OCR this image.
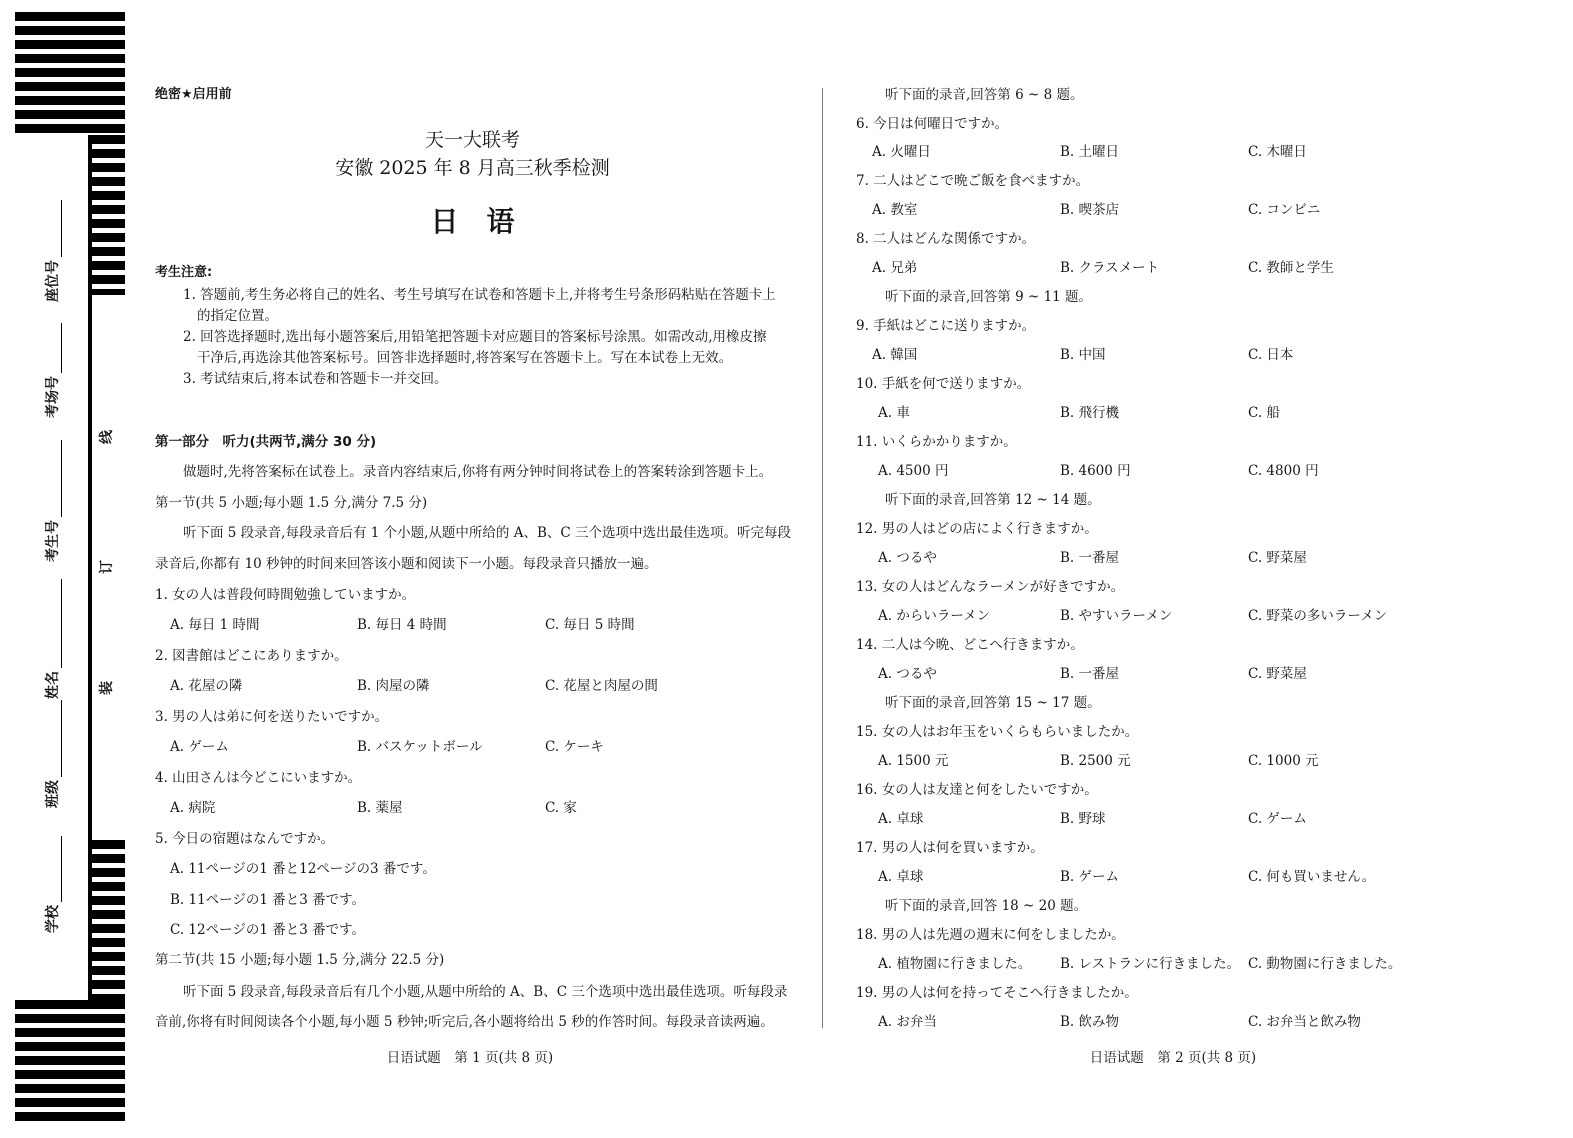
座位号
考场号
考生号
姓名
班级
学校
线
订
装
绝密★启用前
天一大联考
安徽 2025 年 8 月高三秋季检测
日　语
考生注意:
1. 答题前,考生务必将自己的姓名、考生号填写在试卷和答题卡上,并将考生号条形码粘贴在答题卡上
的指定位置。
2. 回答选择题时,选出每小题答案后,用铅笔把答题卡对应题目的答案标号涂黑。如需改动,用橡皮擦
干净后,再选涂其他答案标号。回答非选择题时,将答案写在答题卡上。写在本试卷上无效。
3. 考试结束后,将本试卷和答题卡一并交回。
第一部分　听力(共两节,满分 30 分)
做题时,先将答案标在试卷上。录音内容结束后,你将有两分钟时间将试卷上的答案转涂到答题卡上。
第一节(共 5 小题;每小题 1.5 分,满分 7.5 分)
听下面 5 段录音,每段录音后有 1 个小题,从题中所给的 A、B、C 三个选项中选出最佳选项。听完每段
录音后,你都有 10 秒钟的时间来回答该小题和阅读下一小题。每段录音只播放一遍。
1. 女の人は普段何時間勉強していますか。
A. 毎日 1 時間	B. 毎日 4 時間	C. 毎日 5 時間
2. 図書館はどこにありますか。
A. 花屋の隣	B. 肉屋の隣	C. 花屋と肉屋の間
3. 男の人は弟に何を送りたいですか。
A. ゲーム	B. バスケットボール	C. ケーキ
4. 山田さんは今どこにいますか。
A. 病院	B. 薬屋	C. 家
5. 今日の宿題はなんですか。
A. 11ページの1 番と12ページの3 番です。
B. 11ページの1 番と3 番です。
C. 12ページの1 番と3 番です。
第二节(共 15 小题;每小题 1.5 分,满分 22.5 分)
听下面 5 段录音,每段录音后有几个小题,从题中所给的 A、B、C 三个选项中选出最佳选项。听每段录
音前,你将有时间阅读各个小题,每小题 5 秒钟;听完后,各小题将给出 5 秒的作答时间。每段录音读两遍。
日语试题　第 1 页(共 8 页)
听下面的录音,回答第 6 ~ 8 题。
6. 今日は何曜日ですか。
A. 火曜日	B. 土曜日	C. 木曜日
7. 二人はどこで晩ご飯を食べますか。
A. 教室	B. 喫茶店	C. コンビニ
8. 二人はどんな関係ですか。
A. 兄弟	B. クラスメート	C. 教師と学生
听下面的录音,回答第 9 ~ 11 题。
9. 手紙はどこに送りますか。
A. 韓国	B. 中国	C. 日本
10. 手紙を何で送りますか。
A. 車	B. 飛行機	C. 船
11. いくらかかりますか。
A. 4500 円	B. 4600 円	C. 4800 円
听下面的录音,回答第 12 ~ 14 题。
12. 男の人はどの店によく行きますか。
A. つるや	B. 一番屋	C. 野菜屋
13. 女の人はどんなラーメンが好きですか。
A. からいラーメン	B. やすいラーメン	C. 野菜の多いラーメン
14. 二人は今晩、どこへ行きますか。
A. つるや	B. 一番屋	C. 野菜屋
听下面的录音,回答第 15 ~ 17 题。
15. 女の人はお年玉をいくらもらいましたか。
A. 1500 元	B. 2500 元	C. 1000 元
16. 女の人は友達と何をしたいですか。
A. 卓球	B. 野球	C. ゲーム
17. 男の人は何を買いますか。
A. 卓球	B. ゲーム	C. 何も買いません。
听下面的录音,回答 18 ~ 20 题。
18. 男の人は先週の週末に何をしましたか。
A. 植物園に行きました。 B. レストランに行きました。 C. 動物園に行きました。
19. 男の人は何を持ってそこへ行きましたか。
A. お弁当	B. 飲み物	C. お弁当と飲み物
日语试题　第 2 页(共 8 页)
